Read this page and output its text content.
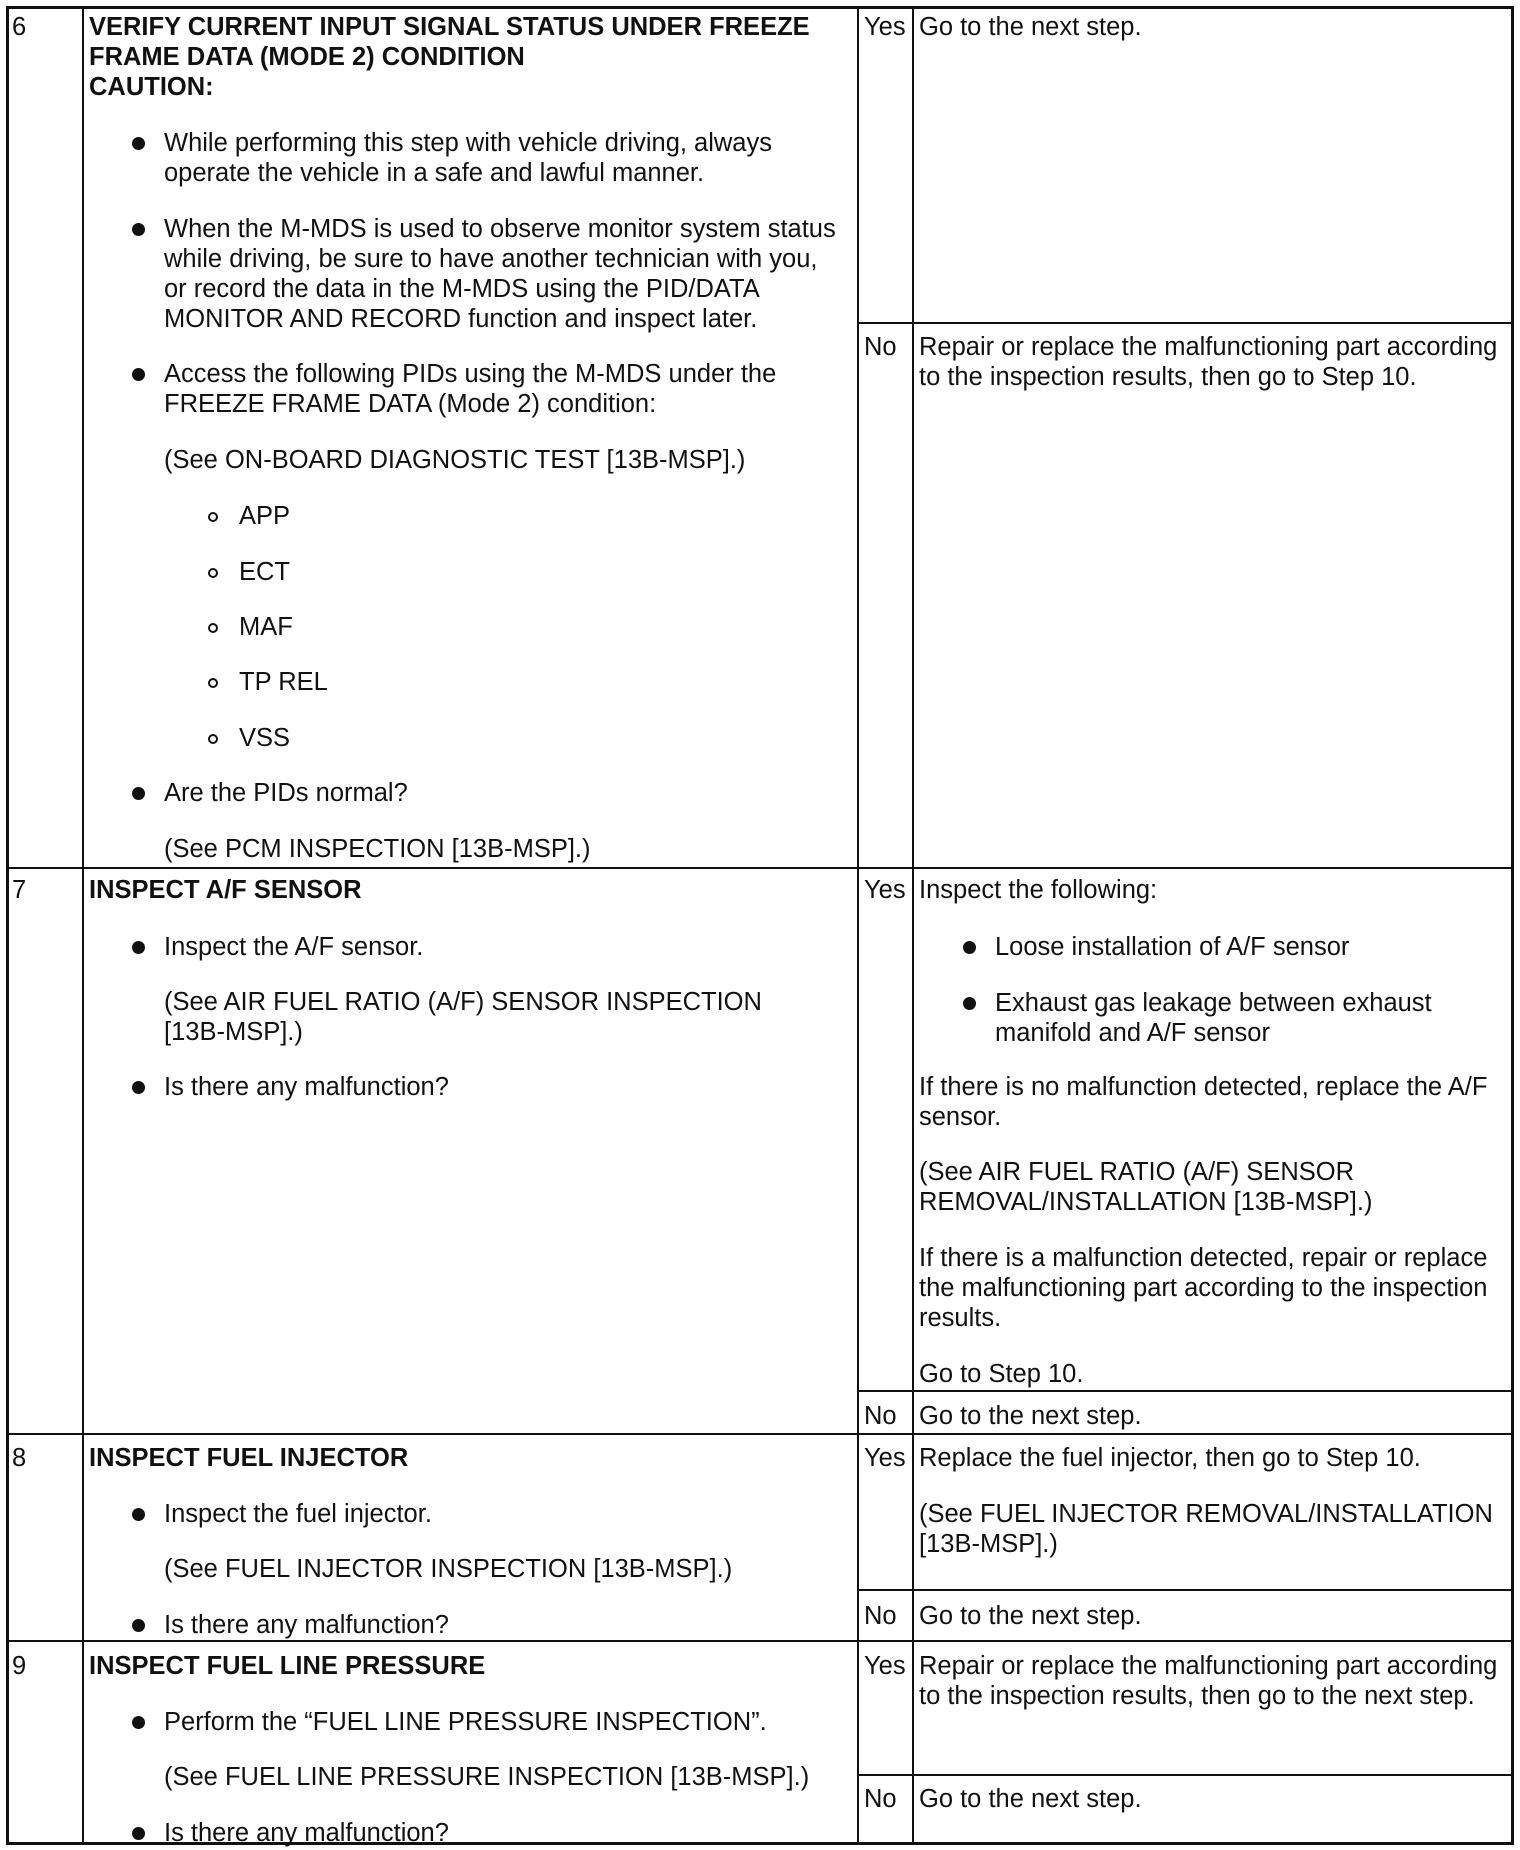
6 VERIFY CURRENT INPUT SIGNAL STATUS UNDER FREEZE
FRAME DATA (MODE 2) CONDITION
CAUTION:
While performing this step with vehicle driving, always
operate the vehicle in a safe and lawful manner.
When the M-MDS is used to observe monitor system status
while driving, be sure to have another technician with you,
or record the data in the M-MDS using the PID/DATA
MONITOR AND RECORD function and inspect later.
Access the following PIDs using the M-MDS under the
FREEZE FRAME DATA (Mode 2) condition:
(See ON-BOARD DIAGNOSTIC TEST [13B-MSP].)
APP
ECT
MAF
TP REL
VSS
Are the PIDs normal?
(See PCM INSPECTION [13B-MSP].)
Yes Go to the next step.
No Repair or replace the malfunctioning part according
to the inspection results, then go to Step 10.
7 INSPECT A/F SENSOR
Inspect the A/F sensor.
(See AIR FUEL RATIO (A/F) SENSOR INSPECTION
[13B-MSP].)
Is there any malfunction?
Yes Inspect the following:
Loose installation of A/F sensor
Exhaust gas leakage between exhaust
manifold and A/F sensor
If there is no malfunction detected, replace the A/F
sensor.
(See AIR FUEL RATIO (A/F) SENSOR
REMOVAL/INSTALLATION [13B-MSP].)
If there is a malfunction detected, repair or replace
the malfunctioning part according to the inspection
results.
Go to Step 10.
No Go to the next step.
8 INSPECT FUEL INJECTOR
Inspect the fuel injector.
(See FUEL INJECTOR INSPECTION [13B-MSP].)
Is there any malfunction?
Yes Replace the fuel injector, then go to Step 10.
(See FUEL INJECTOR REMOVAL/INSTALLATION
[13B-MSP].)
No Go to the next step.
9 INSPECT FUEL LINE PRESSURE
Perform the “FUEL LINE PRESSURE INSPECTION”.
(See FUEL LINE PRESSURE INSPECTION [13B-MSP].)
Is there any malfunction?
Yes Repair or replace the malfunctioning part according
to the inspection results, then go to the next step.
No Go to the next step.
